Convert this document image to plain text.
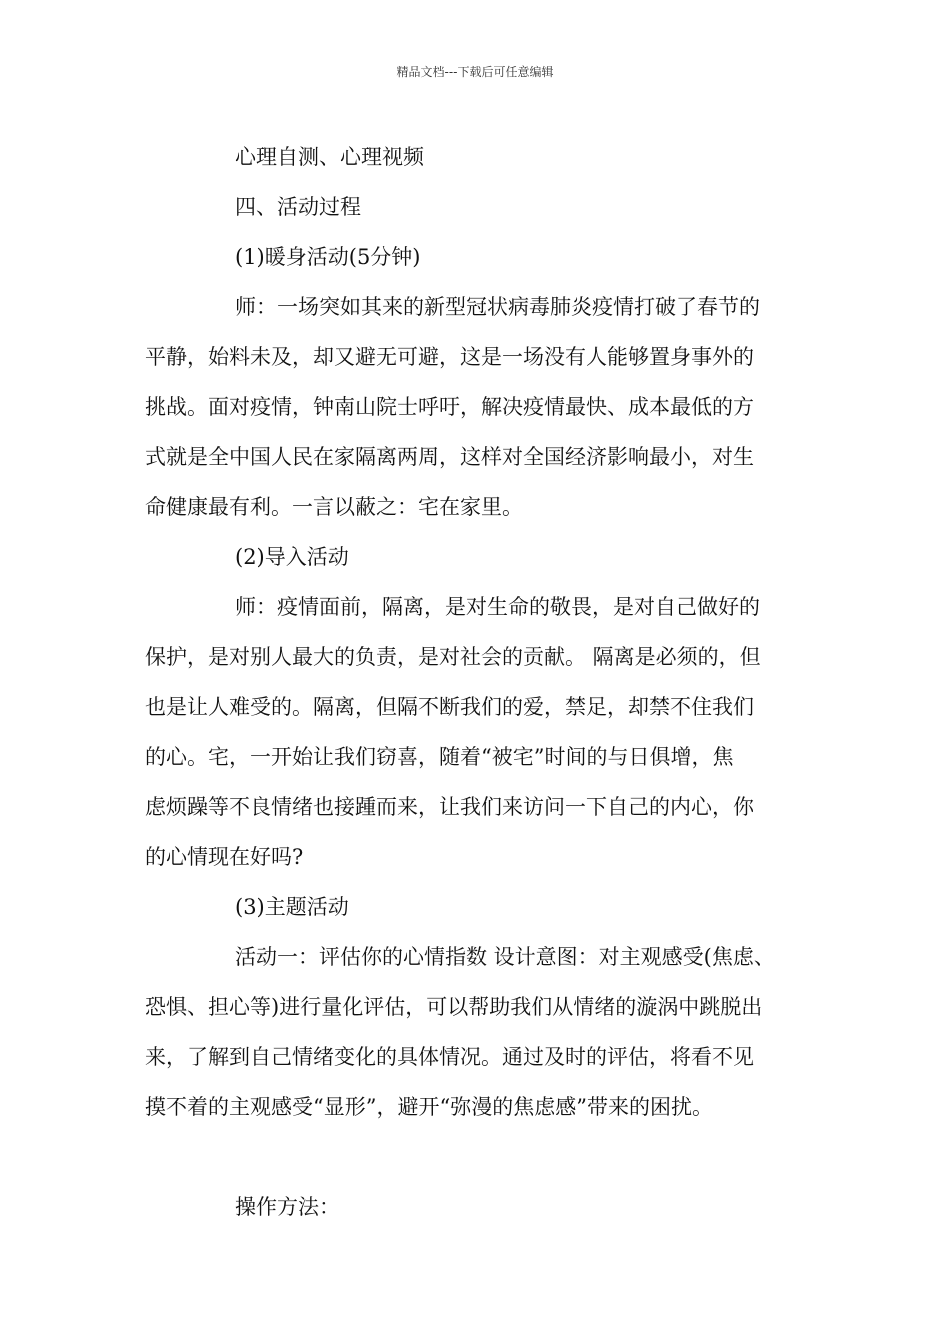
精品文档---下载后可任意编辑
心理自测、心理视频
四、活动过程
(1)暖身活动(5分钟)
师：一场突如其来的新型冠状病毒肺炎疫情打破了春节的
平静，始料未及，却又避无可避，这是一场没有人能够置身事外的
挑战。面对疫情，钟南山院士呼吁，解决疫情最快、成本最低的方
式就是全中国人民在家隔离两周，这样对全国经济影响最小，对生
命健康最有利。一言以蔽之：宅在家里。
(2)导入活动
师：疫情面前，隔离，是对生命的敬畏，是对自己做好的
保护，是对别人最大的负责，是对社会的贡献。 隔离是必须的，但
也是让人难受的。隔离，但隔不断我们的爱，禁足，却禁不住我们
的心。宅，一开始让我们窃喜，随着“被宅”时间的与日俱增，焦
虑烦躁等不良情绪也接踵而来，让我们来访问一下自己的内心，你
的心情现在好吗?
(3)主题活动
活动一：评估你的心情指数 设计意图：对主观感受(焦虑、
恐惧、担心等)进行量化评估，可以帮助我们从情绪的漩涡中跳脱出
来，了解到自己情绪变化的具体情况。通过及时的评估，将看不见
摸不着的主观感受“显形”，避开“弥漫的焦虑感”带来的困扰。
操作方法：
